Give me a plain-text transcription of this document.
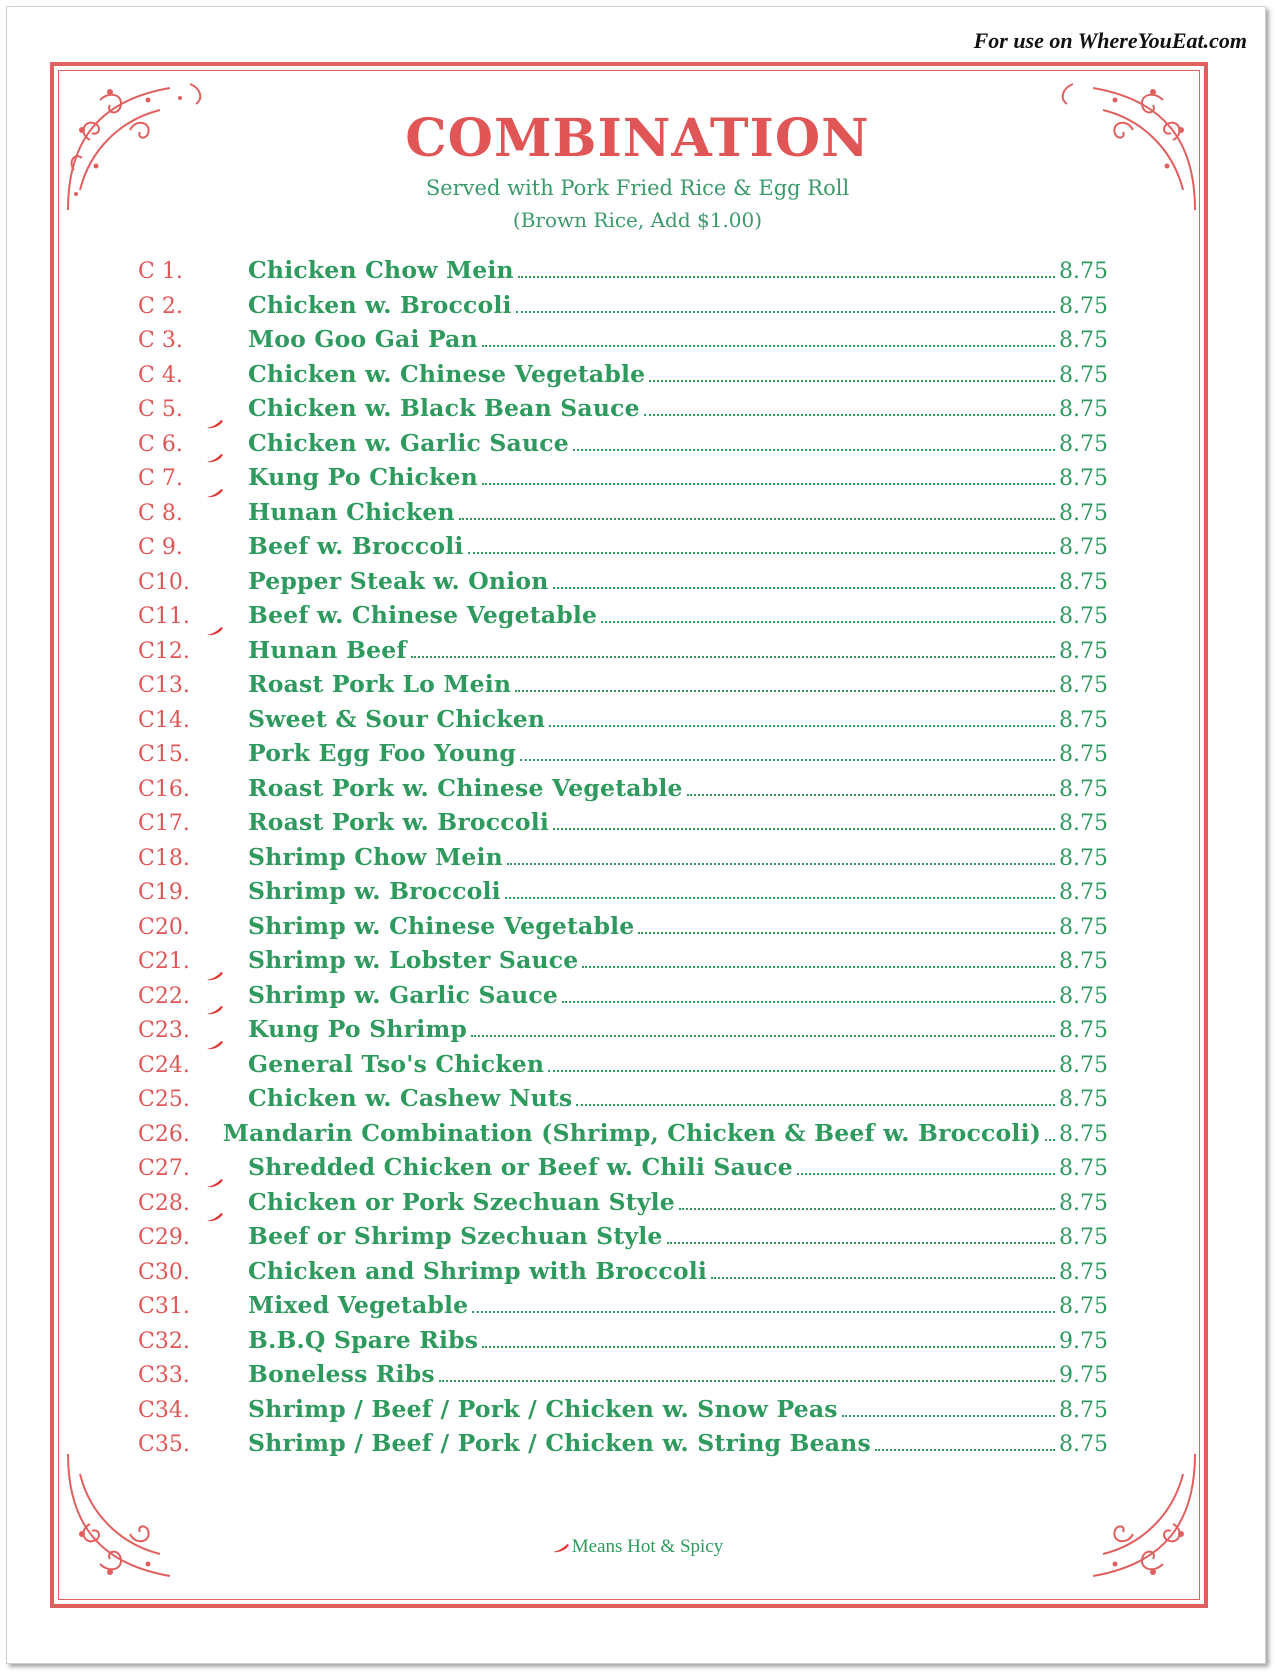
For use on WhereYouEat.com
COMBINATION
Served with Pork Fried Rice & Egg Roll
(Brown Rice, Add $1.00)
C 1.	Chicken Chow Mein	8.75
C 2.	Chicken w. Broccoli	8.75
C 3.	Moo Goo Gai Pan	8.75
C 4.	Chicken w. Chinese Vegetable	8.75
C 5.	Chicken w. Black Bean Sauce	8.75
C 6.	Chicken w. Garlic Sauce	8.75
C 7.	Kung Po Chicken	8.75
C 8.	Hunan Chicken	8.75
C 9.	Beef w. Broccoli	8.75
C10.	Pepper Steak w. Onion	8.75
C11.	Beef w. Chinese Vegetable	8.75
C12.	Hunan Beef	8.75
C13.	Roast Pork Lo Mein	8.75
C14.	Sweet & Sour Chicken	8.75
C15.	Pork Egg Foo Young	8.75
C16.	Roast Pork w. Chinese Vegetable	8.75
C17.	Roast Pork w. Broccoli	8.75
C18.	Shrimp Chow Mein	8.75
C19.	Shrimp w. Broccoli	8.75
C20.	Shrimp w. Chinese Vegetable	8.75
C21.	Shrimp w. Lobster Sauce	8.75
C22.	Shrimp w. Garlic Sauce	8.75
C23.	Kung Po Shrimp	8.75
C24.	General Tso's Chicken	8.75
C25.	Chicken w. Cashew Nuts	8.75
C26. Mandarin Combination (Shrimp, Chicken & Beef w. Broccoli) 8.75
C27.	Shredded Chicken or Beef w. Chili Sauce	8.75
C28.	Chicken or Pork Szechuan Style	8.75
C29.	Beef or Shrimp Szechuan Style	8.75
C30.	Chicken and Shrimp with Broccoli	8.75
C31.	Mixed Vegetable	8.75
C32.	B.B.Q Spare Ribs	9.75
C33.	Boneless Ribs	9.75
C34.	Shrimp / Beef / Pork / Chicken w. Snow Peas	8.75
C35.	Shrimp / Beef / Pork / Chicken w. String Beans	8.75
Means Hot & Spicy
